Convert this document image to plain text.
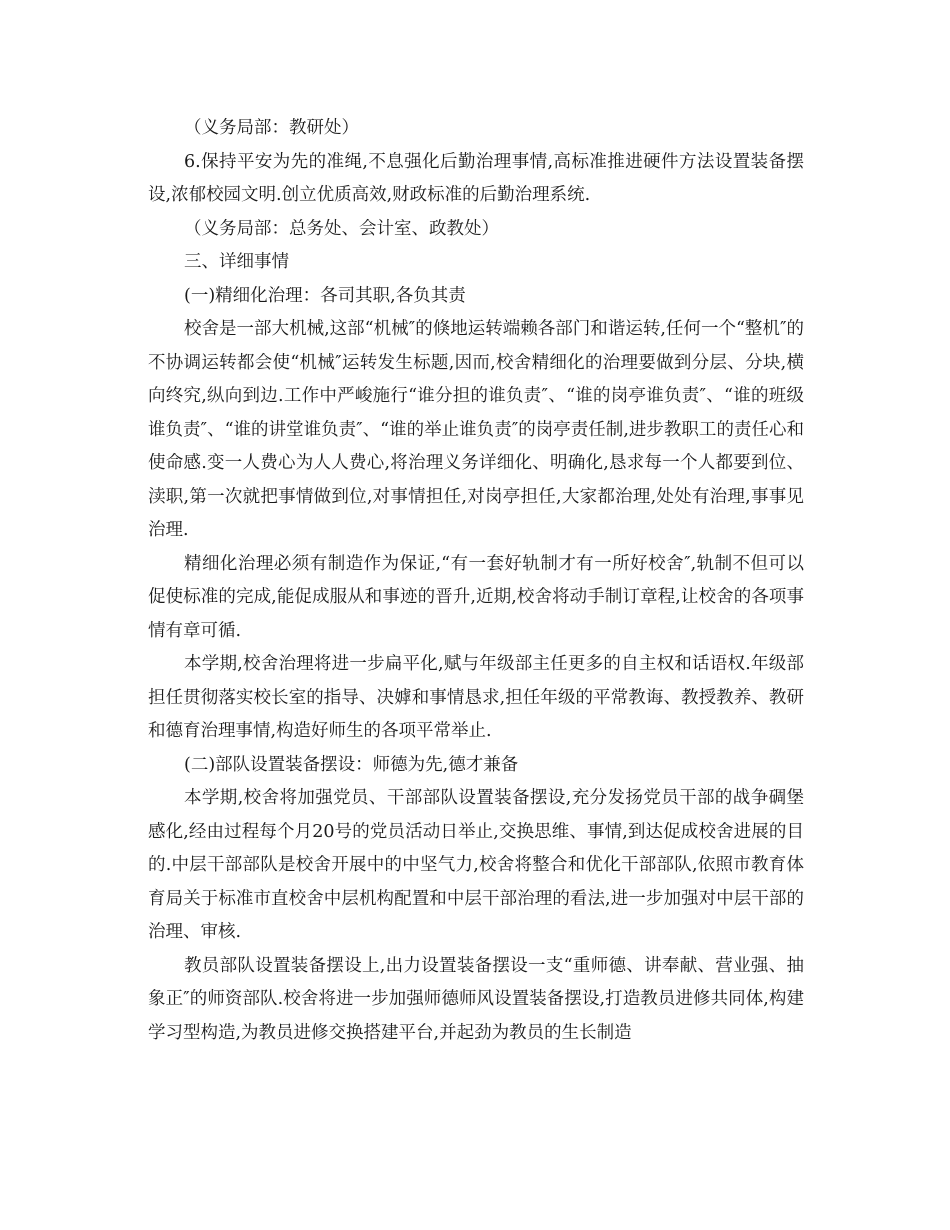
（义务局部：教研处）

6.保持平安为先的准绳,不息强化后勤治理事情,高标准推进硬件方法设置装备摆设,浓郁校园文明.创立优质高效,财政标准的后勤治理系统.

（义务局部：总务处、会计室、政教处）

三、详细事情

(一)精细化治理：各司其职,各负其责

校舍是一部大机械,这部“机械″的倏地运转端赖各部门和谐运转,任何一个“整机″的不协调运转都会使“机械″运转发生标题,因而,校舍精细化的治理要做到分层、分块,横向终究,纵向到边.工作中严峻施行“谁分担的谁负责″、“谁的岗亭谁负责″、“谁的班级谁负责″、“谁的讲堂谁负责″、“谁的举止谁负责″的岗亭责任制,进步教职工的责任心和使命感.变一人费心为人人费心,将治理义务详细化、明确化,恳求每一个人都要到位、渎职,第一次就把事情做到位,对事情担任,对岗亭担任,大家都治理,处处有治理,事事见治理.

精细化治理必须有制造作为保证,“有一套好轨制才有一所好校舍″,轨制不但可以促使标准的完成,能促成服从和事迹的晋升,近期,校舍将动手制订章程,让校舍的各项事情有章可循.

本学期,校舍治理将进一步扁平化,赋与年级部主任更多的自主权和话语权.年级部担任贯彻落实校长室的指导、决嫭和事情恳求,担任年级的平常教诲、教授教养、教研和德育治理事情,构造好师生的各项平常举止.

(二)部队设置装备摆设：师德为先,德才兼备

本学期,校舍将加强党员、干部部队设置装备摆设,充分发扬党员干部的战争碉堡感化,经由过程每个月20号的党员活动日举止,交换思维、事情,到达促成校舍进展的目的.中层干部部队是校舍开展中的中坚气力,校舍将整合和优化干部部队,依照市教育体育局关于标准市直校舍中层机构配置和中层干部治理的看法,进一步加强对中层干部的治理、审核.

教员部队设置装备摆设上,出力设置装备摆设一支“重师德、讲奉献、营业强、抽象正″的师资部队.校舍将进一步加强师德师风设置装备摆设,打造教员进修共同体,构建学习型构造,为教员进修交换搭建平台,并起劲为教员的生长制造
